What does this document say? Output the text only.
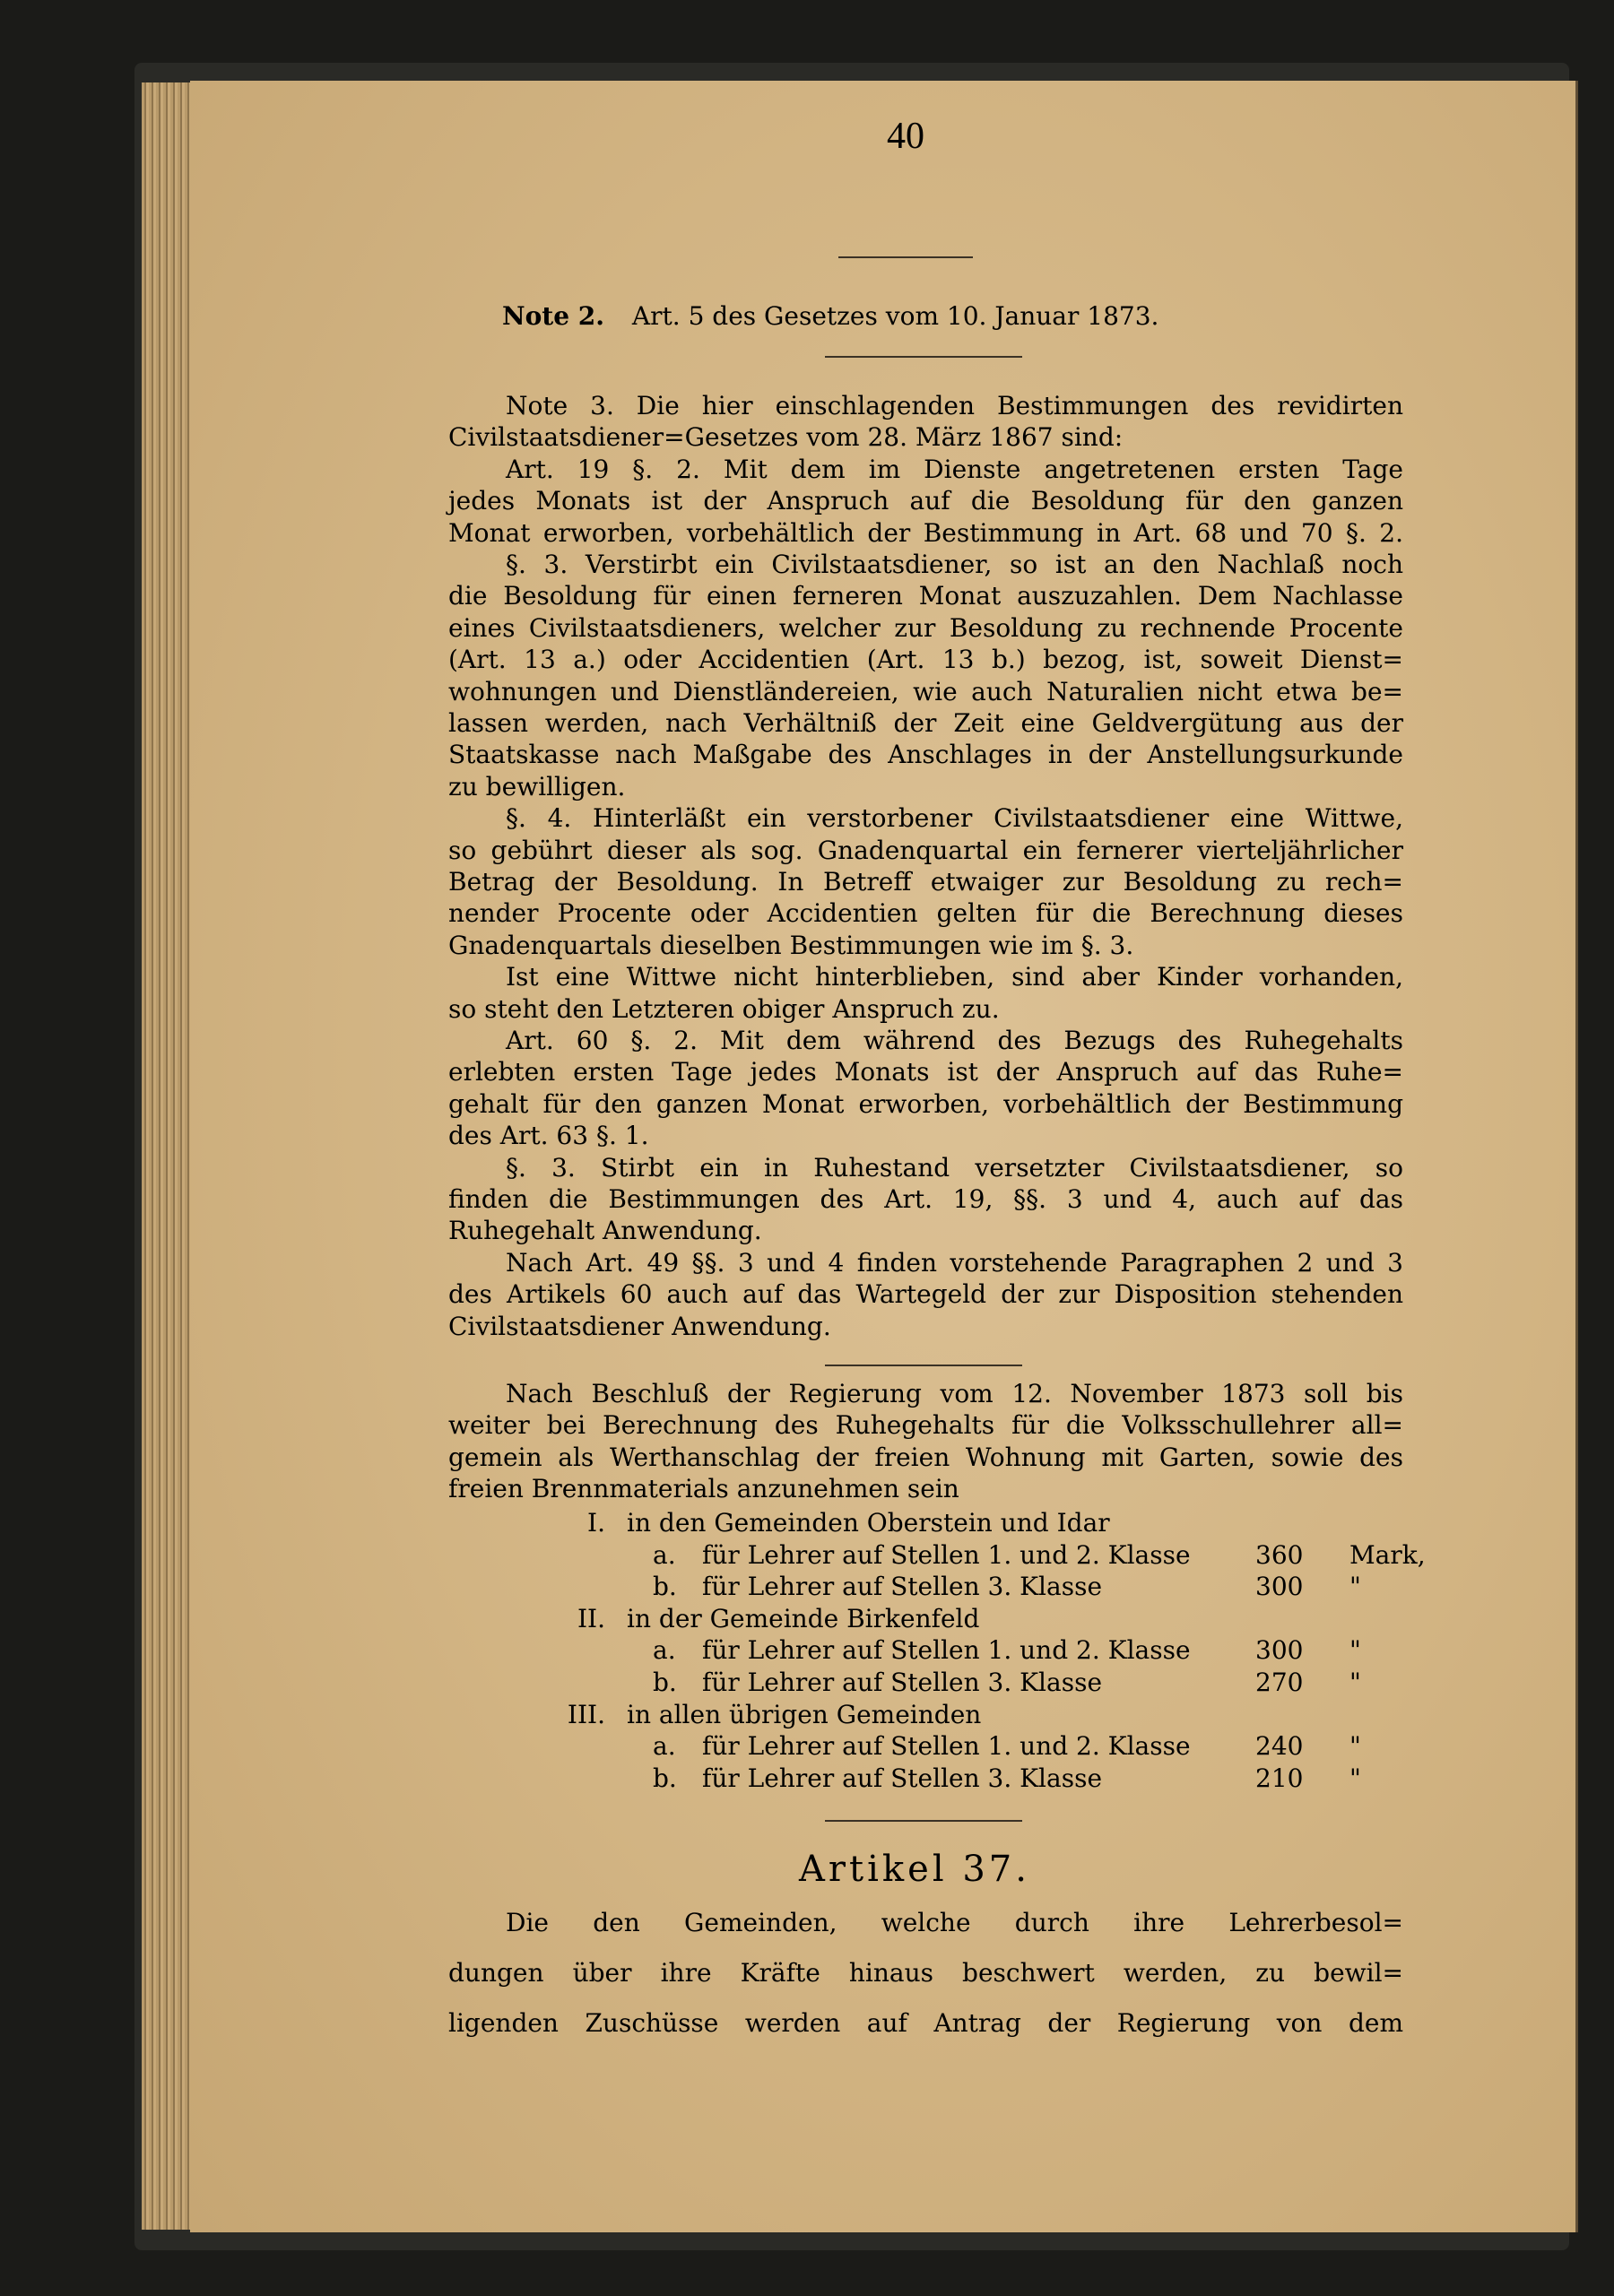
40
Note 2. Art. 5 des Gesetzes vom 10. Januar 1873.
Note 3. Die hier einschlagenden Bestimmungen des revidirten
Civilstaatsdiener=Gesetzes vom 28. März 1867 sind:
Art. 19 §. 2. Mit dem im Dienste angetretenen ersten Tage
jedes Monats ist der Anspruch auf die Besoldung für den ganzen
Monat erworben, vorbehältlich der Bestimmung in Art. 68 und 70 §. 2.
§. 3. Verstirbt ein Civilstaatsdiener, so ist an den Nachlaß noch
die Besoldung für einen ferneren Monat auszuzahlen. Dem Nachlasse
eines Civilstaatsdieners, welcher zur Besoldung zu rechnende Procente
(Art. 13 a.) oder Accidentien (Art. 13 b.) bezog, ist, soweit Dienst=
wohnungen und Dienstländereien, wie auch Naturalien nicht etwa be=
lassen werden, nach Verhältniß der Zeit eine Geldvergütung aus der
Staatskasse nach Maßgabe des Anschlages in der Anstellungsurkunde
zu bewilligen.
§. 4. Hinterläßt ein verstorbener Civilstaatsdiener eine Wittwe,
so gebührt dieser als sog. Gnadenquartal ein fernerer vierteljährlicher
Betrag der Besoldung. In Betreff etwaiger zur Besoldung zu rech=
nender Procente oder Accidentien gelten für die Berechnung dieses
Gnadenquartals dieselben Bestimmungen wie im §. 3.
Ist eine Wittwe nicht hinterblieben, sind aber Kinder vorhanden,
so steht den Letzteren obiger Anspruch zu.
Art. 60 §. 2. Mit dem während des Bezugs des Ruhegehalts
erlebten ersten Tage jedes Monats ist der Anspruch auf das Ruhe=
gehalt für den ganzen Monat erworben, vorbehältlich der Bestimmung
des Art. 63 §. 1.
§. 3. Stirbt ein in Ruhestand versetzter Civilstaatsdiener, so
finden die Bestimmungen des Art. 19, §§. 3 und 4, auch auf das
Ruhegehalt Anwendung.
Nach Art. 49 §§. 3 und 4 finden vorstehende Paragraphen 2 und 3
des Artikels 60 auch auf das Wartegeld der zur Disposition stehenden
Civilstaatsdiener Anwendung.
Nach Beschluß der Regierung vom 12. November 1873 soll bis
weiter bei Berechnung des Ruhegehalts für die Volksschullehrer all=
gemein als Werthanschlag der freien Wohnung mit Garten, sowie des
freien Brennmaterials anzunehmen sein
I. in den Gemeinden Oberstein und Idar
a. für Lehrer auf Stellen 1. und 2. Klasse	360 Mark,
b. für Lehrer auf Stellen 3. Klasse	300 "
II. in der Gemeinde Birkenfeld
a. für Lehrer auf Stellen 1. und 2. Klasse	300 "
b. für Lehrer auf Stellen 3. Klasse	270 "
III. in allen übrigen Gemeinden
a. für Lehrer auf Stellen 1. und 2. Klasse	240 "
b. für Lehrer auf Stellen 3. Klasse	210 "
Artikel 37.
Die den Gemeinden, welche durch ihre Lehrerbesol=
dungen über ihre Kräfte hinaus beschwert werden, zu bewil=
ligenden Zuschüsse werden auf Antrag der Regierung von dem
